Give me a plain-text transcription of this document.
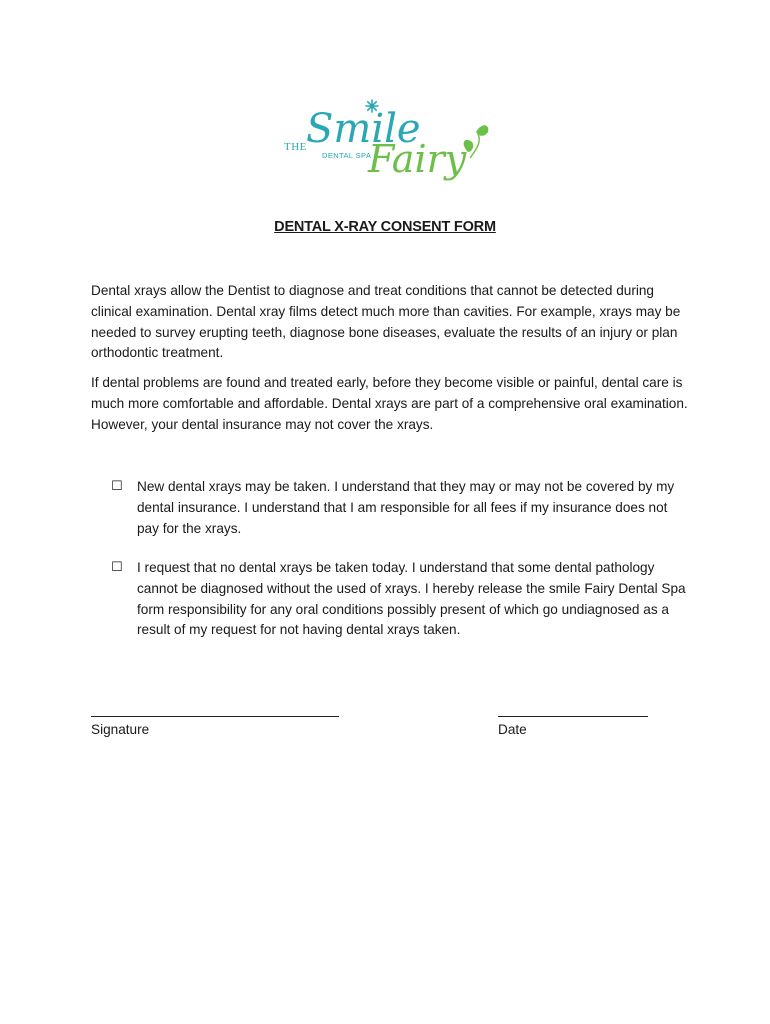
THE Smile
DENTAL SPA
Fairy
DENTAL X-RAY CONSENT FORM

Dental xrays allow the Dentist to diagnose and treat conditions that cannot be detected during clinical examination. Dental xray films detect much more than cavities. For example, xrays may be needed to survey erupting teeth, diagnose bone diseases, evaluate the results of an injury or plan orthodontic treatment.

If dental problems are found and treated early, before they become visible or painful, dental care is much more comfortable and affordable. Dental xrays are part of a comprehensive oral examination. However, your dental insurance may not cover the xrays.

☐	New dental xrays may be taken. I understand that they may or may not be covered by my dental insurance. I understand that I am responsible for all fees if my insurance does not pay for the xrays.
☐	I request that no dental xrays be taken today. I understand that some dental pathology cannot be diagnosed without the used of xrays. I hereby release the smile Fairy Dental Spa form responsibility for any oral conditions possibly present of which go undiagnosed as a result of my request for not having dental xrays taken.
Signature	Date
